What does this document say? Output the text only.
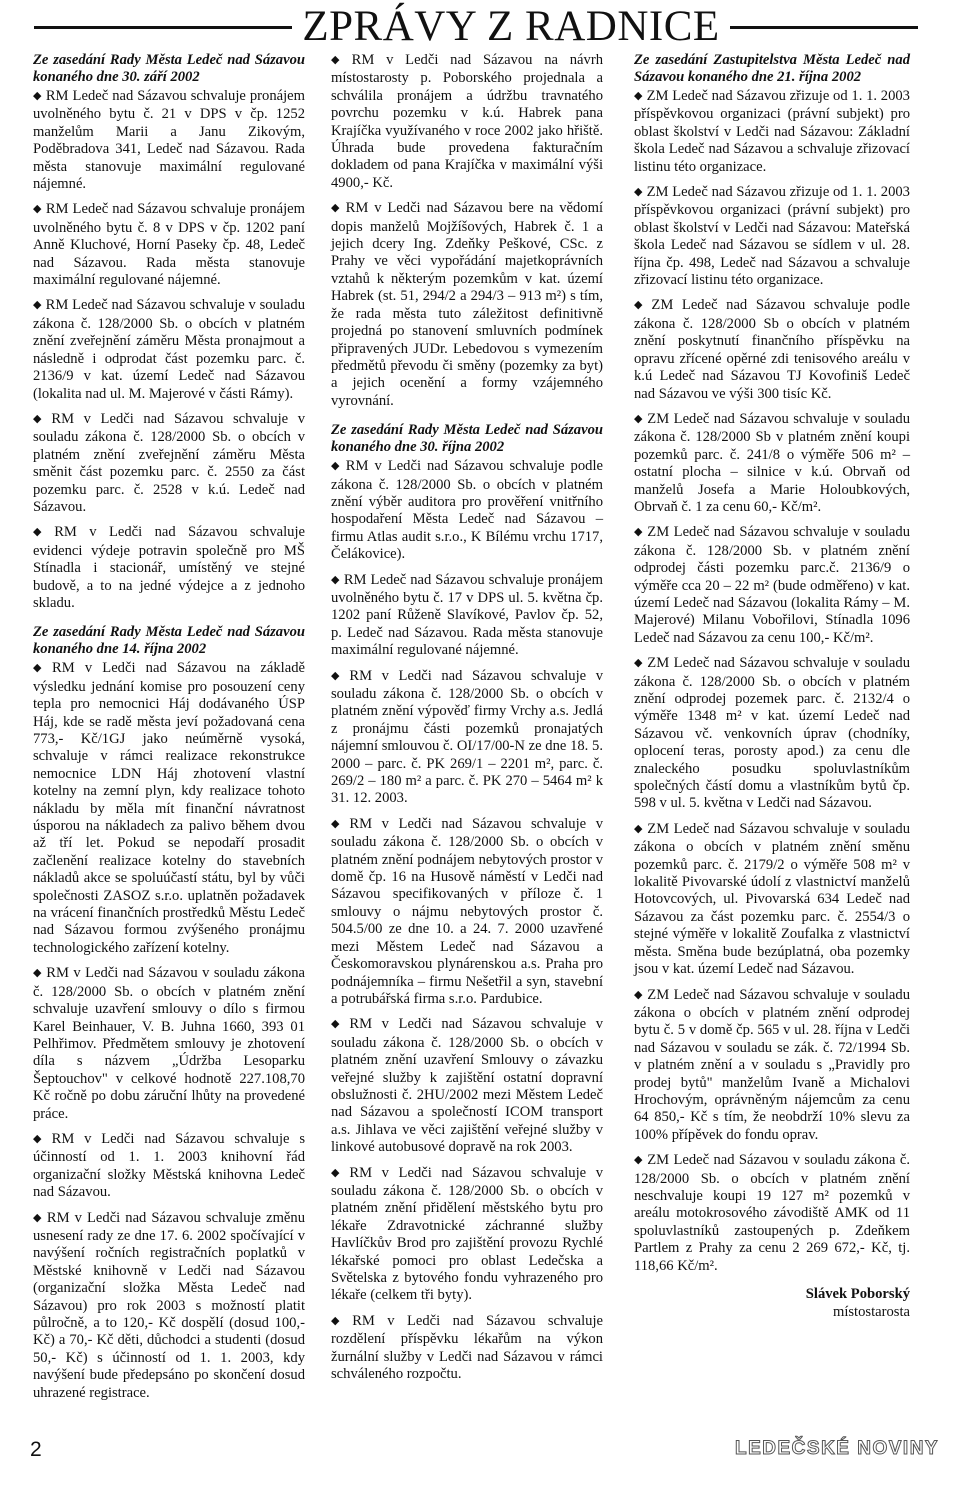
ZPRÁVY Z RADNICE

Ze zasedání Rady Města Ledeč nad Sázavou konaného dne 30. září 2002

◆ RM Ledeč nad Sázavou schvaluje pronájem uvolněného bytu č. 21 v DPS v čp. 1252 manželům Marii a Janu Zikovým, Poděbradova 341, Ledeč nad Sázavou. Rada města stanovuje maximální regulované nájemné.

◆ RM Ledeč nad Sázavou schvaluje pronájem uvolněného bytu č. 8 v DPS v čp. 1202 paní Anně Kluchové, Horní Paseky čp. 48, Ledeč nad Sázavou. Rada města stanovuje maximální regulované nájemné.

◆ RM Ledeč nad Sázavou schvaluje v souladu zákona č. 128/2000 Sb. o obcích v platném znění zveřejnění záměru Města pronajmout a následně i odprodat část pozemku parc. č. 2136/9 v kat. území Ledeč nad Sázavou (lokalita nad ul. M. Majerové v části Rámy).

◆ RM v Ledči nad Sázavou schvaluje v souladu zákona č. 128/2000 Sb. o obcích v platném znění zveřejnění záměru Města směnit část pozemku parc. č. 2550 za část pozemku parc. č. 2528 v k.ú. Ledeč nad Sázavou.

◆ RM v Ledči nad Sázavou schvaluje evidenci výdeje potravin společně pro MŠ Stínadla i stacionář, umístěný ve stejné budově, a to na jedné výdejce a z jednoho skladu.

Ze zasedání Rady Města Ledeč nad Sázavou konaného dne 14. října 2002

◆ RM v Ledči nad Sázavou na základě výsledku jednání komise pro posouzení ceny tepla pro nemocnici Háj dodávaného ÚSP Háj, kde se radě města jeví požadovaná cena 773,- Kč/1GJ jako neúměrně vysoká, schvaluje v rámci realizace rekonstrukce nemocnice LDN Háj zhotovení vlastní kotelny na zemní plyn, kdy realizace tohoto nákladu by měla mít finanční návratnost úsporou na nákladech za palivo během dvou až tří let. Pokud se nepodaří prosadit začlenění realizace kotelny do stavebních nákladů akce se spoluúčastí státu, byl by vůči společnosti ZASOZ s.r.o. uplatněn požadavek na vrácení finančních prostředků Městu Ledeč nad Sázavou formou zvýšeného pronájmu technologického zařízení kotelny.

◆ RM v Ledči nad Sázavou v souladu zákona č. 128/2000 Sb. o obcích v platném znění schvaluje uzavření smlouvy o dílo s firmou Karel Beinhauer, V. B. Juhna 1660, 393 01 Pelhřimov. Předmětem smlouvy je zhotovení díla s názvem „Údržba Lesoparku Šeptouchov" v celkové hodnotě 227.108,70 Kč ročně po dobu záruční lhůty na provedené práce.

◆ RM v Ledči nad Sázavou schvaluje s účinností od 1. 1. 2003 knihovní řád organizační složky Městská knihovna Ledeč nad Sázavou.

◆ RM v Ledči nad Sázavou schvaluje změnu usnesení rady ze dne 17. 6. 2002 spočívající v navýšení ročních registračních poplatků v Městské knihovně v Ledči nad Sázavou (organizační složka Města Ledeč nad Sázavou) pro rok 2003 s možností platit půlročně, a to 120,- Kč dospělí (dosud 100,- Kč) a 70,- Kč děti, důchodci a studenti (dosud 50,- Kč) s účinností od 1. 1. 2003, kdy navýšení bude předepsáno po skončení dosud uhrazené registrace.

◆ RM v Ledči nad Sázavou na návrh místostarosty p. Poborského projednala a schválila pronájem a údržbu travnatého povrchu pozemku v k.ú. Habrek pana Krajíčka využívaného v roce 2002 jako hřiště. Úhrada bude provedena fakturačním dokladem od pana Krajíčka v maximální výši 4900,- Kč.

◆ RM v Ledči nad Sázavou bere na vědomí dopis manželů Mojžíšových, Habrek č. 1 a jejich dcery Ing. Zdeňky Peškové, CSc. z Prahy ve věci vypořádání majetkoprávních vztahů k některým pozemkům v kat. území Habrek (st. 51, 294/2 a 294/3 – 913 m²) s tím, že rada města tuto záležitost definitivně projedná po stanovení smluvních podmínek připravených JUDr. Lebedovou s vymezením předmětů převodu či směny (pozemky za byt) a jejich ocenění a formy vzájemného vyrovnání.

Ze zasedání Rady Města Ledeč nad Sázavou konaného dne 30. října 2002

◆ RM v Ledči nad Sázavou schvaluje podle zákona č. 128/2000 Sb. o obcích v platném znění výběr auditora pro prověření vnitřního hospodaření Města Ledeč nad Sázavou – firmu Atlas audit s.r.o., K Bílému vrchu 1717, Čelákovice).

◆ RM Ledeč nad Sázavou schvaluje pronájem uvolněného bytu č. 17 v DPS ul. 5. května čp. 1202 paní Růženě Slavíkové, Pavlov čp. 52, p. Ledeč nad Sázavou. Rada města stanovuje maximální regulované nájemné.

◆ RM v Ledči nad Sázavou schvaluje v souladu zákona č. 128/2000 Sb. o obcích v platném znění výpověď firmy Vrchy a.s. Jedlá z pronájmu části pozemků pronajatých nájemní smlouvou č. OI/17/00-N ze dne 18. 5. 2000 – parc. č. PK 269/1 – 2201 m², parc. č. 269/2 – 180 m² a parc. č. PK 270 – 5464 m² k 31. 12. 2003.

◆ RM v Ledči nad Sázavou schvaluje v souladu zákona č. 128/2000 Sb. o obcích v platném znění podnájem nebytových prostor v domě čp. 16 na Husově náměstí v Ledči nad Sázavou specifikovaných v příloze č. 1 smlouvy o nájmu nebytových prostor č. 504.5/00 ze dne 10. a 24. 7. 2000 uzavřené mezi Městem Ledeč nad Sázavou a Českomoravskou plynárenskou a.s. Praha pro podnájemníka – firmu Nešetřil a syn, stavební a potrubářská firma s.r.o. Pardubice.

◆ RM v Ledči nad Sázavou schvaluje v souladu zákona č. 128/2000 Sb. o obcích v platném znění uzavření Smlouvy o závazku veřejné služby k zajištění ostatní dopravní obslužnosti č. 2HU/2002 mezi Městem Ledeč nad Sázavou a společností ICOM transport a.s. Jihlava ve věci zajištění veřejné služby v linkové autobusové dopravě na rok 2003.

◆ RM v Ledči nad Sázavou schvaluje v souladu zákona č. 128/2000 Sb. o obcích v platném znění přidělení městského bytu pro lékaře Zdravotnické záchranné služby Havlíčkův Brod pro zajištění provozu Rychlé lékařské pomoci pro oblast Ledečska a Světelska z bytového fondu vyhrazeného pro lékaře (celkem tři byty).

◆ RM v Ledči nad Sázavou schvaluje rozdělení příspěvku lékařům na výkon žurnální služby v Ledči nad Sázavou v rámci schváleného rozpočtu.

Ze zasedání Zastupitelstva Města Ledeč nad Sázavou konaného dne 21. října 2002

◆ ZM Ledeč nad Sázavou zřizuje od 1. 1. 2003 příspěvkovou organizaci (právní subjekt) pro oblast školství v Ledči nad Sázavou: Základní škola Ledeč nad Sázavou a schvaluje zřizovací listinu této organizace.

◆ ZM Ledeč nad Sázavou zřizuje od 1. 1. 2003 příspěvkovou organizaci (právní subjekt) pro oblast školství v Ledči nad Sázavou: Mateřská škola Ledeč nad Sázavou se sídlem v ul. 28. října čp. 498, Ledeč nad Sázavou a schvaluje zřizovací listinu této organizace.

◆ ZM Ledeč nad Sázavou schvaluje podle zákona č. 128/2000 Sb o obcích v platném znění poskytnutí finančního příspěvku na opravu zřícené opěrné zdi tenisového areálu v k.ú Ledeč nad Sázavou TJ Kovofiniš Ledeč nad Sázavou ve výši 300 tisíc Kč.

◆ ZM Ledeč nad Sázavou schvaluje v souladu zákona č. 128/2000 Sb v platném znění koupi pozemků parc. č. 241/8 o výměře 506 m² – ostatní plocha – silnice v k.ú. Obrvaň od manželů Josefa a Marie Holoubkových, Obrvaň č. 1 za cenu 60,- Kč/m².

◆ ZM Ledeč nad Sázavou schvaluje v souladu zákona č. 128/2000 Sb. v platném znění odprodej části pozemku parc.č. 2136/9 o výměře cca 20 – 22 m² (bude odměřeno) v kat. území Ledeč nad Sázavou (lokalita Rámy – M. Majerové) Milanu Vobořilovi, Stínadla 1096 Ledeč nad Sázavou za cenu 100,- Kč/m².

◆ ZM Ledeč nad Sázavou schvaluje v souladu zákona č. 128/2000 Sb. o obcích v platném znění odprodej pozemek parc. č. 2132/4 o výměře 1348 m² v kat. území Ledeč nad Sázavou vč. venkovních úprav (chodníky, oplocení teras, porosty apod.) za cenu dle znaleckého posudku spoluvlastníkům společných částí domu a vlastníkům bytů čp. 598 v ul. 5. května v Ledči nad Sázavou.

◆ ZM Ledeč nad Sázavou schvaluje v souladu zákona o obcích v platném znění směnu pozemků parc. č. 2179/2 o výměře 508 m² v lokalitě Pivovarské údolí z vlastnictví manželů Hotovcových, ul. Pivovarská 634 Ledeč nad Sázavou za část pozemku parc. č. 2554/3 o stejné výměře v lokalitě Zoufalka z vlastnictví města. Směna bude bezúplatná, oba pozemky jsou v kat. území Ledeč nad Sázavou.

◆ ZM Ledeč nad Sázavou schvaluje v souladu zákona o obcích v platném znění odprodej bytu č. 5 v domě čp. 565 v ul. 28. října v Ledči nad Sázavou v souladu se zák. č. 72/1994 Sb. v platném znění a v souladu s „Pravidly pro prodej bytů" manželům Ivaně a Michalovi Hrochovým, oprávněným nájemcům za cenu 64 850,- Kč s tím, že neobdrží 10% slevu za 100% přípěvek do fondu oprav.

◆ ZM Ledeč nad Sázavou v souladu zákona č. 128/2000 Sb. o obcích v platném znění neschvaluje koupi 19 127 m² pozemků v areálu motokrosového závodiště AMK od 11 spoluvlastníků zastoupených p. Zdeňkem Partlem z Prahy za cenu 2 269 672,- Kč, tj. 118,66 Kč/m².

Slávek Poborský
místostarosta
2	LEDEČSKÉ NOVINY
